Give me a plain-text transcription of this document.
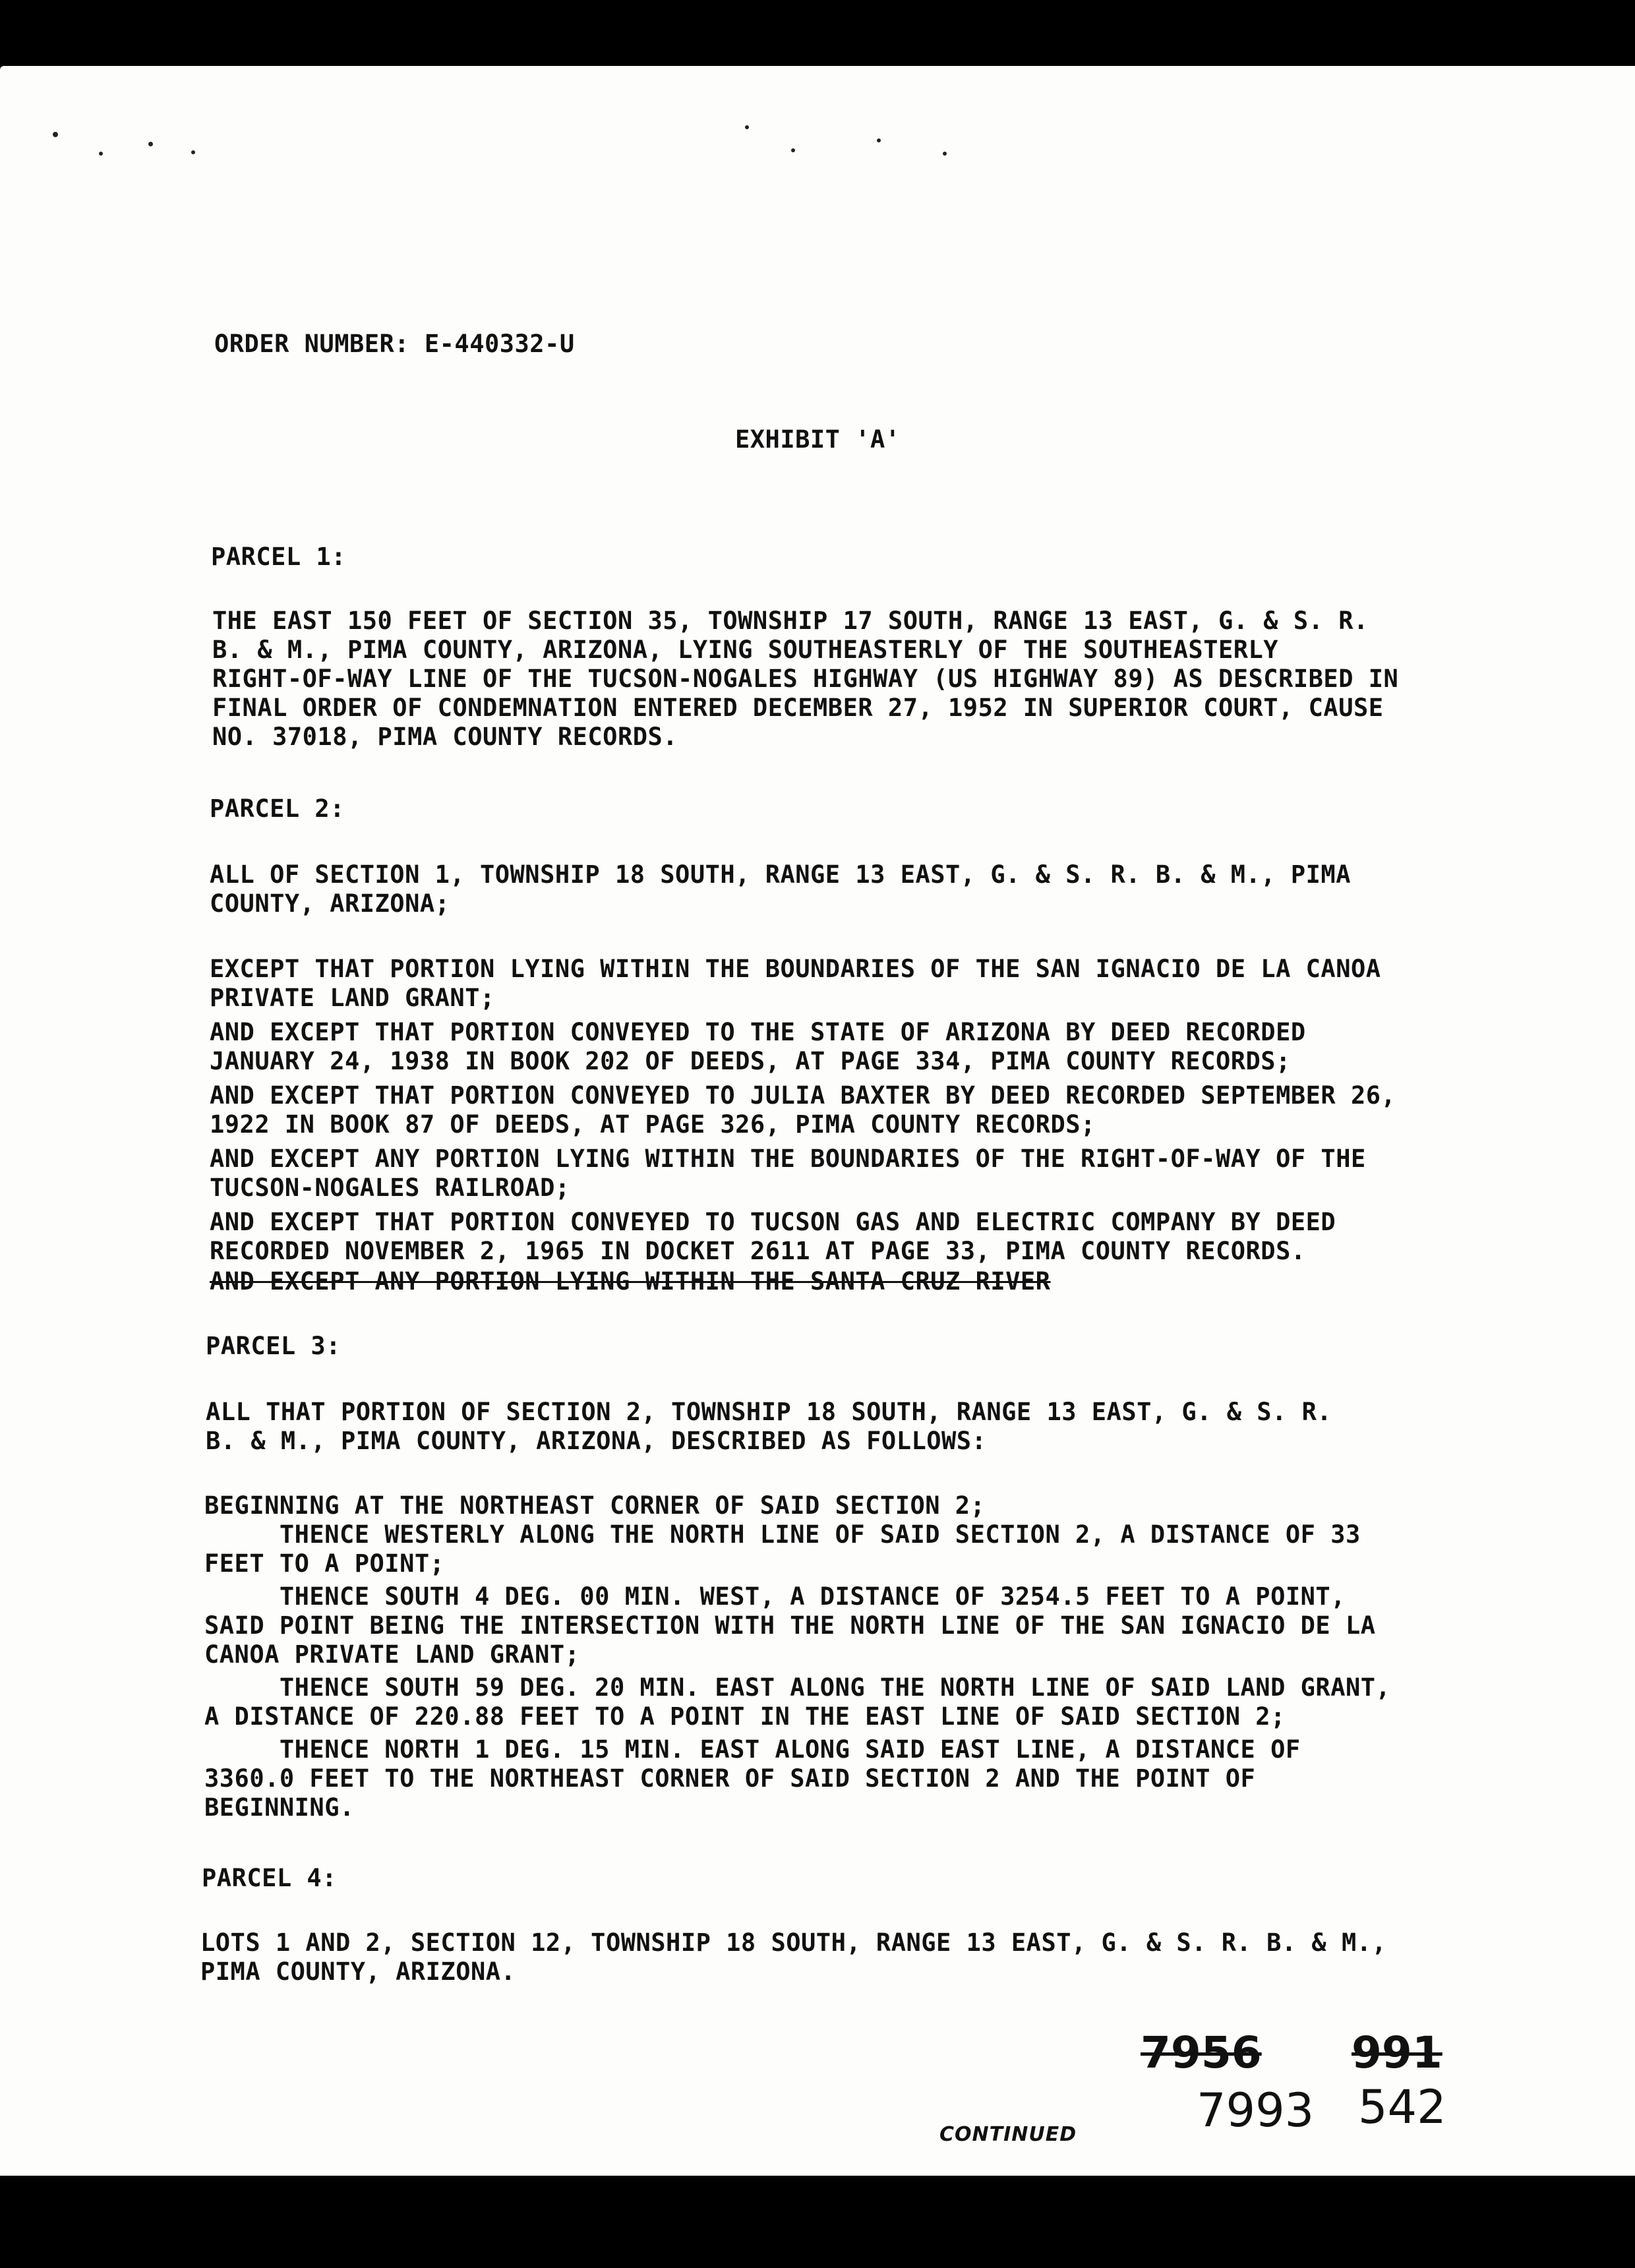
ORDER NUMBER: E-440332-U
EXHIBIT 'A'
PARCEL 1:
THE EAST 150 FEET OF SECTION 35, TOWNSHIP 17 SOUTH, RANGE 13 EAST, G. & S. R.
B. & M., PIMA COUNTY, ARIZONA, LYING SOUTHEASTERLY OF THE SOUTHEASTERLY
RIGHT-OF-WAY LINE OF THE TUCSON-NOGALES HIGHWAY (US HIGHWAY 89) AS DESCRIBED IN
FINAL ORDER OF CONDEMNATION ENTERED DECEMBER 27, 1952 IN SUPERIOR COURT, CAUSE
NO. 37018, PIMA COUNTY RECORDS.
PARCEL 2:
ALL OF SECTION 1, TOWNSHIP 18 SOUTH, RANGE 13 EAST, G. & S. R. B. & M., PIMA
COUNTY, ARIZONA;
EXCEPT THAT PORTION LYING WITHIN THE BOUNDARIES OF THE SAN IGNACIO DE LA CANOA
PRIVATE LAND GRANT;
AND EXCEPT THAT PORTION CONVEYED TO THE STATE OF ARIZONA BY DEED RECORDED
JANUARY 24, 1938 IN BOOK 202 OF DEEDS, AT PAGE 334, PIMA COUNTY RECORDS;
AND EXCEPT THAT PORTION CONVEYED TO JULIA BAXTER BY DEED RECORDED SEPTEMBER 26,
1922 IN BOOK 87 OF DEEDS, AT PAGE 326, PIMA COUNTY RECORDS;
AND EXCEPT ANY PORTION LYING WITHIN THE BOUNDARIES OF THE RIGHT-OF-WAY OF THE
TUCSON-NOGALES RAILROAD;
AND EXCEPT THAT PORTION CONVEYED TO TUCSON GAS AND ELECTRIC COMPANY BY DEED
RECORDED NOVEMBER 2, 1965 IN DOCKET 2611 AT PAGE 33, PIMA COUNTY RECORDS.
AND EXCEPT ANY PORTION LYING WITHIN THE SANTA CRUZ RIVER
PARCEL 3:
ALL THAT PORTION OF SECTION 2, TOWNSHIP 18 SOUTH, RANGE 13 EAST, G. & S. R.
B. & M., PIMA COUNTY, ARIZONA, DESCRIBED AS FOLLOWS:
BEGINNING AT THE NORTHEAST CORNER OF SAID SECTION 2;
THENCE WESTERLY ALONG THE NORTH LINE OF SAID SECTION 2, A DISTANCE OF 33
FEET TO A POINT;
THENCE SOUTH 4 DEG. 00 MIN. WEST, A DISTANCE OF 3254.5 FEET TO A POINT,
SAID POINT BEING THE INTERSECTION WITH THE NORTH LINE OF THE SAN IGNACIO DE LA
CANOA PRIVATE LAND GRANT;
THENCE SOUTH 59 DEG. 20 MIN. EAST ALONG THE NORTH LINE OF SAID LAND GRANT,
A DISTANCE OF 220.88 FEET TO A POINT IN THE EAST LINE OF SAID SECTION 2;
THENCE NORTH 1 DEG. 15 MIN. EAST ALONG SAID EAST LINE, A DISTANCE OF
3360.0 FEET TO THE NORTHEAST CORNER OF SAID SECTION 2 AND THE POINT OF
BEGINNING.
PARCEL 4:
LOTS 1 AND 2, SECTION 12, TOWNSHIP 18 SOUTH, RANGE 13 EAST, G. & S. R. B. & M.,
PIMA COUNTY, ARIZONA.
7956 991
7993 542
CONTINUED
